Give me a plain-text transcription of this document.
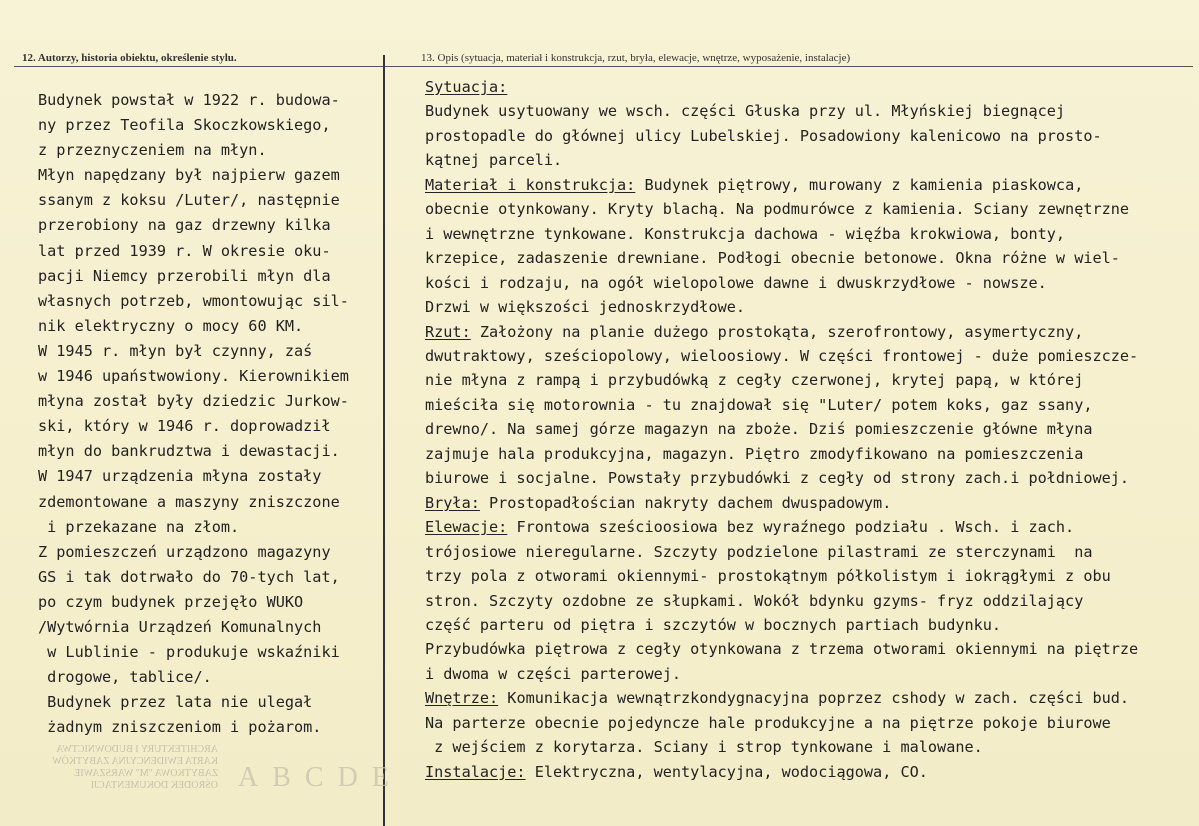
12. Autorzy, historia obiektu, określenie stylu.	13. Opis (sytuacja, materiał i konstrukcja, rzut, bryła, elewacje, wnętrze, wyposażenie, instalacje)
Budynek powstał w 1922 r. budowa-
ny przez Teofila Skoczkowskiego,
z przeznyczeniem na młyn.
Młyn napędzany był najpierw gazem
ssanym z koksu /Luter/, następnie
przerobiony na gaz drzewny kilka
lat przed 1939 r. W okresie oku-
pacji Niemcy przerobili młyn dla
własnych potrzeb, wmontowując sil-
nik elektryczny o mocy 60 KM.
W 1945 r. młyn był czynny, zaś
w 1946 upaństwowiony. Kierownikiem
młyna został były dziedzic Jurkow-
ski, który w 1946 r. doprowadził
młyn do bankrudztwa i dewastacji.
W 1947 urządzenia młyna zostały
zdemontowane a maszyny zniszczone
i przekazane na złom.
Z pomieszczeń urządzono magazyny
GS i tak dotrwało do 70-tych lat,
po czym budynek przejęło WUKO
/Wytwórnia Urządzeń Komunalnych
w Lublinie - produkuje wskaźniki
drogowe, tablice/.
Budynek przez lata nie ulegał
żadnym zniszczeniom i pożarom.
Sytuacja:
Budynek usytuowany we wsch. części Głuska przy ul. Młyńskiej biegnącej
prostopadle do głównej ulicy Lubelskiej. Posadowiony kalenicowo na prosto-
kątnej parceli.
Materiał i konstrukcja: Budynek piętrowy, murowany z kamienia piaskowca,
obecnie otynkowany. Kryty blachą. Na podmurówce z kamienia. Sciany zewnętrzne
i wewnętrzne tynkowane. Konstrukcja dachowa - więźba krokwiowa, bonty,
krzepice, zadaszenie drewniane. Podłogi obecnie betonowe. Okna różne w wiel-
kości i rodzaju, na ogół wielopolowe dawne i dwuskrzydłowe - nowsze.
Drzwi w większości jednoskrzydłowe.
Rzut: Założony na planie dużego prostokąta, szerofrontowy, asymertyczny,
dwutraktowy, sześciopolowy, wieloosiowy. W części frontowej - duże pomieszcze-
nie młyna z rampą i przybudówką z cegły czerwonej, krytej papą, w której
mieściła się motorownia - tu znajdował się "Luter/ potem koks, gaz ssany,
drewno/. Na samej górze magazyn na zboże. Dziś pomieszczenie główne młyna
zajmuje hala produkcyjna, magazyn. Piętro zmodyfikowano na pomieszczenia
biurowe i socjalne. Powstały przybudówki z cegły od strony zach.i połdniowej.
Bryła: Prostopadłościan nakryty dachem dwuspadowym.
Elewacje: Frontowa sześcioosiowa bez wyraźnego podziału . Wsch. i zach.
trójosiowe nieregularne. Szczyty podzielone pilastrami ze sterczynami  na
trzy pola z otworami okiennymi- prostokątnym półkolistym i iokrągłymi z obu
stron. Szczyty ozdobne ze słupkami. Wokół bdynku gzyms- fryz oddzilający
część parteru od piętra i szczytów w bocznych partiach budynku.
Przybudówka piętrowa z cegły otynkowana z trzema otworami okiennymi na piętrze
i dwoma w części parterowej.
Wnętrze: Komunikacja wewnątrzkondygnacyjna poprzez cshody w zach. części bud.
Na parterze obecnie pojedyncze hale produkcyjne a na piętrze pokoje biurowe
z wejściem z korytarza. Sciany i strop tynkowane i malowane.
Instalacje: Elektryczna, wentylacyjna, wodociągowa, CO.
ABCDE
ARCHITEKTURY I BUDOWNICTWA
KARTA EWIDENCYJNA ZABYTKÓW
ZABYTKOWA "M" WARSZAWIE
OŚRODEK DOKUMENTACJI
